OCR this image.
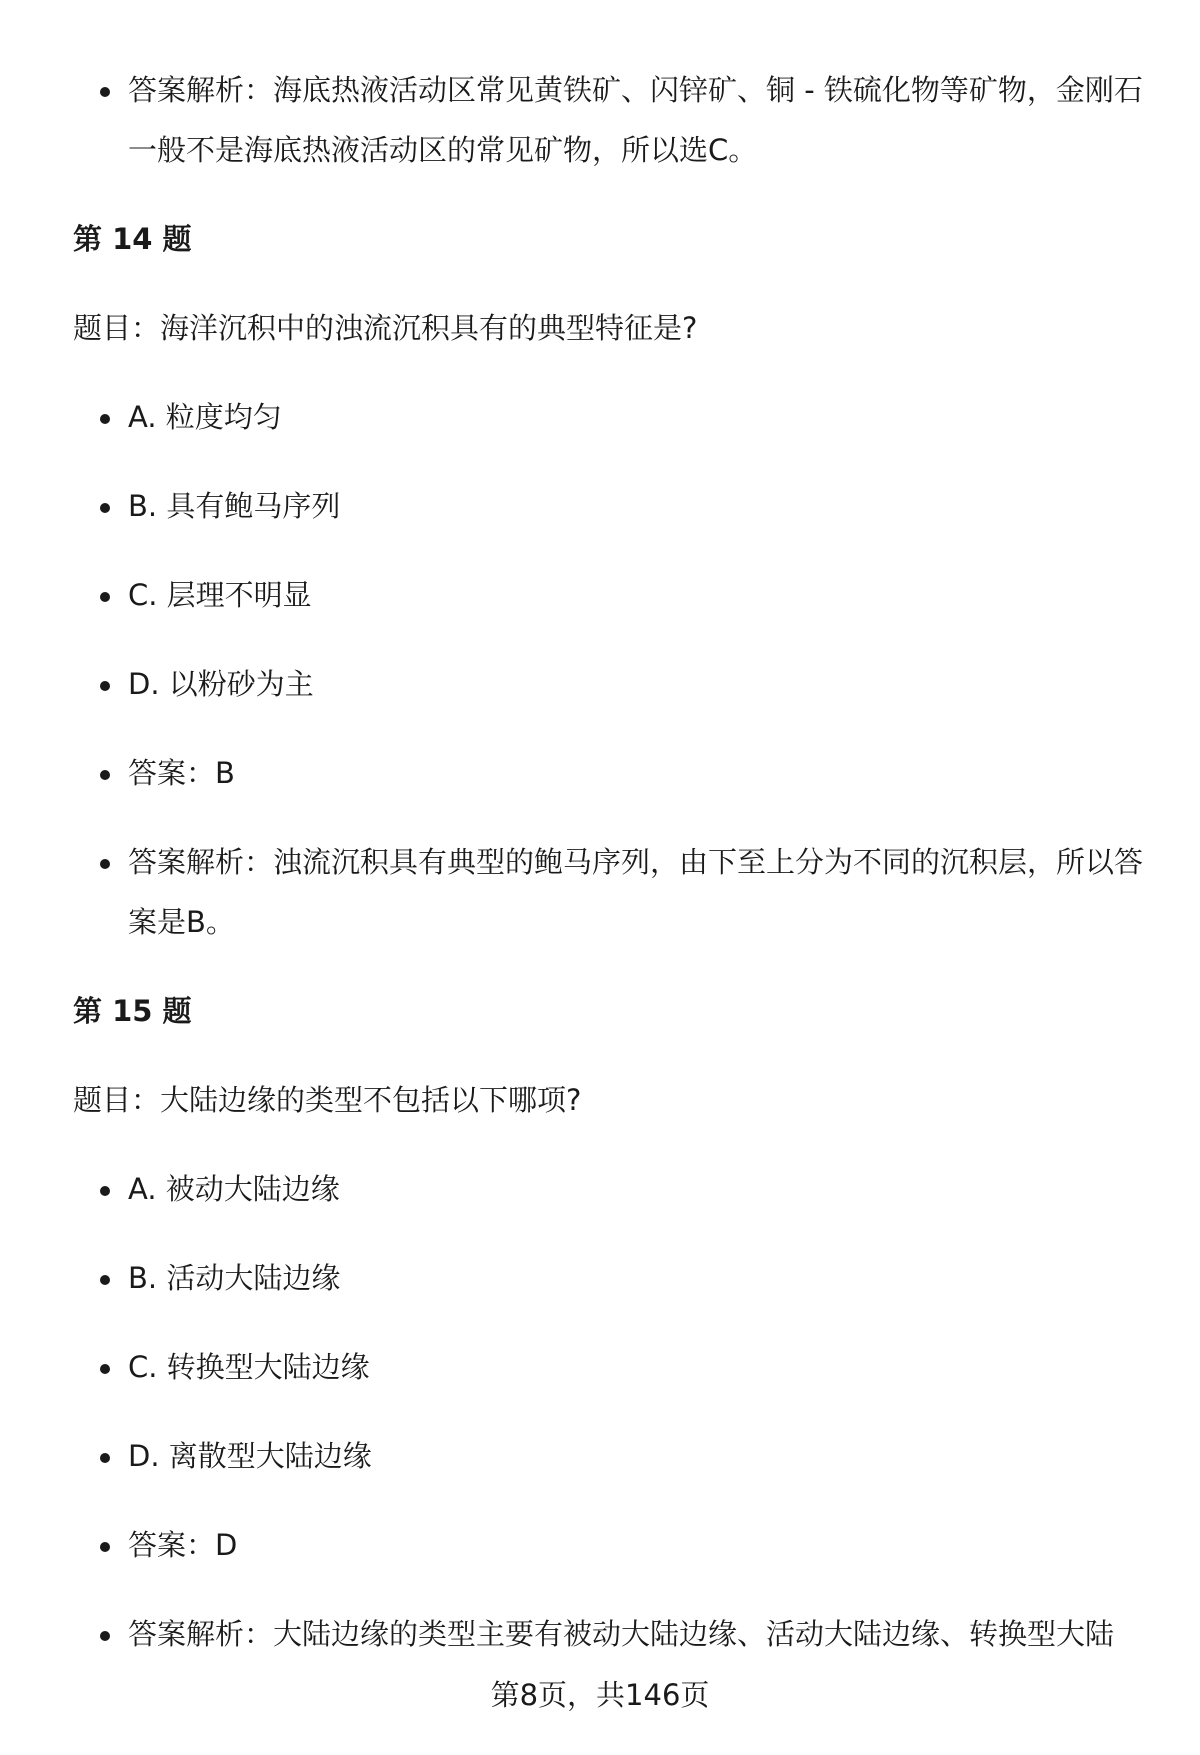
答案解析：海底热液活动区常见黄铁矿、闪锌矿、铜 - 铁硫化物等矿物，金刚石一般不是海底热液活动区的常见矿物，所以选C。
第 14 题
题目：海洋沉积中的浊流沉积具有的典型特征是?
A. 粒度均匀
B. 具有鲍马序列
C. 层理不明显
D. 以粉砂为主
答案：B
答案解析：浊流沉积具有典型的鲍马序列，由下至上分为不同的沉积层，所以答案是B。
第 15 题
题目：大陆边缘的类型不包括以下哪项?
A. 被动大陆边缘
B. 活动大陆边缘
C. 转换型大陆边缘
D. 离散型大陆边缘
答案：D
答案解析：大陆边缘的类型主要有被动大陆边缘、活动大陆边缘、转换型大陆
第8页，共146页
